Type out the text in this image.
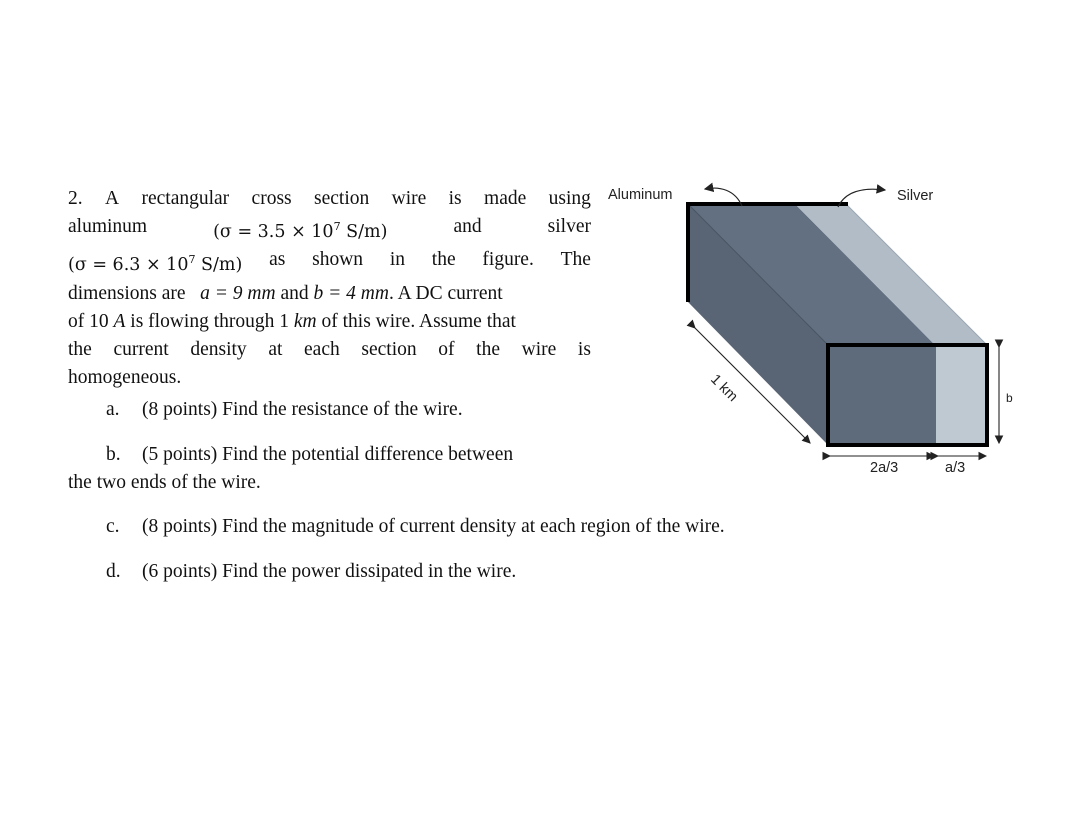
2. A rectangular cross section wire is made using
aluminum	($\sigma = 3.5 \times 10^7$ S/m)	and	silver
($\sigma = 6.3 \times 10^7$ S/m) as shown in the figure. The
dimensions are
a = 9 mm
and
b = 4 mm . A DC current
of 10
A
is flowing through 1
km
of this wire. Assume that
the current density at each section of the wire is
homogeneous.
a. (8 points) Find the resistance of the wire.
b. (5 points) Find the potential difference between
the two ends of the wire.
c. (8 points) Find the magnitude of current density at each region of the wire.
d. (6 points) Find the power dissipated in the wire.
Aluminum	Silver
1 km
2a/3	a/3
b
